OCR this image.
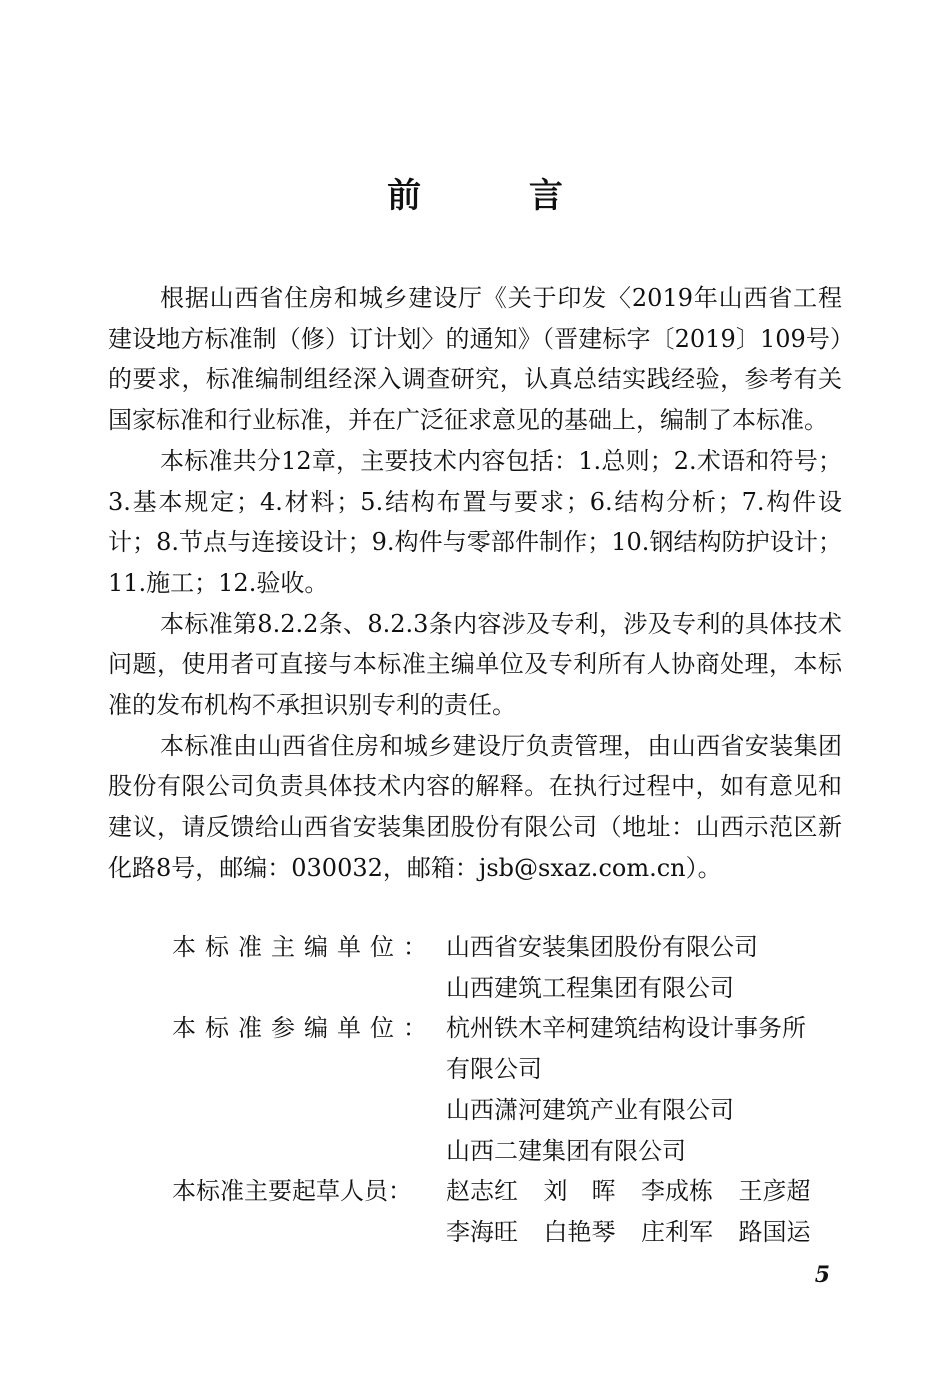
前 言

根据山西省住房和城乡建设厅《关于印发〈2019年山西省工程建设地方标准制（修）订计划〉的通知》（晋建标字〔2019〕109号）的要求，标准编制组经深入调查研究，认真总结实践经验，参考有关国家标准和行业标准，并在广泛征求意见的基础上，编制了本标准。

本标准共分12章，主要技术内容包括：1.总则；2.术语和符号；3.基本规定；4.材料；5.结构布置与要求；6.结构分析；7.构件设计；8.节点与连接设计；9.构件与零部件制作；10.钢结构防护设计；11.施工；12.验收。

本标准第8.2.2条、8.2.3条内容涉及专利，涉及专利的具体技术问题，使用者可直接与本标准主编单位及专利所有人协商处理，本标准的发布机构不承担识别专利的责任。

本标准由山西省住房和城乡建设厅负责管理，由山西省安装集团股份有限公司负责具体技术内容的解释。在执行过程中，如有意见和建议，请反馈给山西省安装集团股份有限公司（地址：山西示范区新化路8号，邮编：030032，邮箱：jsb@sxaz.com.cn）。

本标准主编单位： 山西省安装集团股份有限公司
山西建筑工程集团有限公司
本标准参编单位： 杭州铁木辛柯建筑结构设计事务所
有限公司
山西潇河建筑产业有限公司
山西二建集团有限公司
本标准主要起草人员： 赵志红	刘　晖	李成栋	王彦超
李海旺	白艳琴	庄利军	路国运
5
